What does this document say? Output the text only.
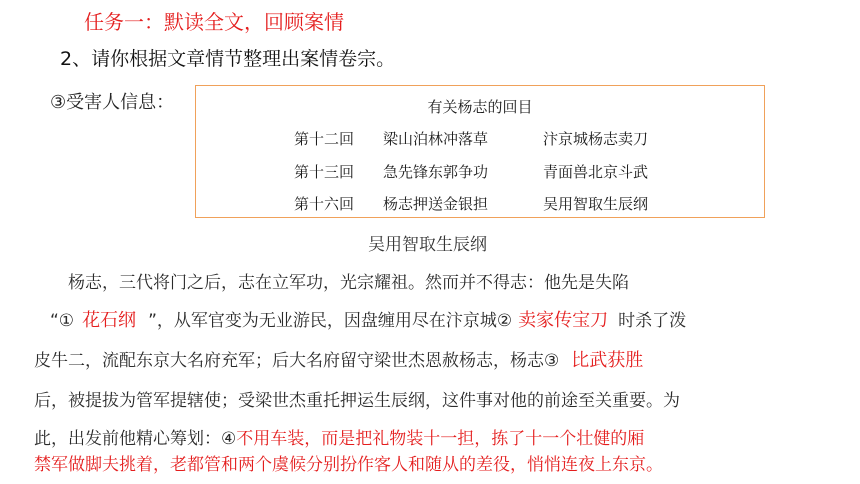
任务一：默读全文，回顾案情
2、请你根据文章情节整理出案情卷宗。
③受害人信息：	有关杨志的回目
第十二回 梁山泊林冲落草	汴京城杨志卖刀
第十三回 急先锋东郭争功	青面兽北京斗武
第十六回 杨志押送金银担	吴用智取生辰纲
吴用智取生辰纲
杨志，三代将门之后，志在立军功，光宗耀祖。然而并不得志：他先是失陷
“① 花石纲 ”，从军官变为无业游民，因盘缠用尽在汴京城② 卖家传宝刀 时杀了泼
皮牛二，流配东京大名府充军；后大名府留守梁世杰恩赦杨志，杨志③ 比武获胜
后，被提拔为管军提辖使；受梁世杰重托押运生辰纲，这件事对他的前途至关重要。为
此，出发前他精心筹划：④不用车装，而是把礼物装十一担，拣了十一个壮健的厢
禁军做脚夫挑着，老都管和两个虞候分别扮作客人和随从的差役，悄悄连夜上东京。
